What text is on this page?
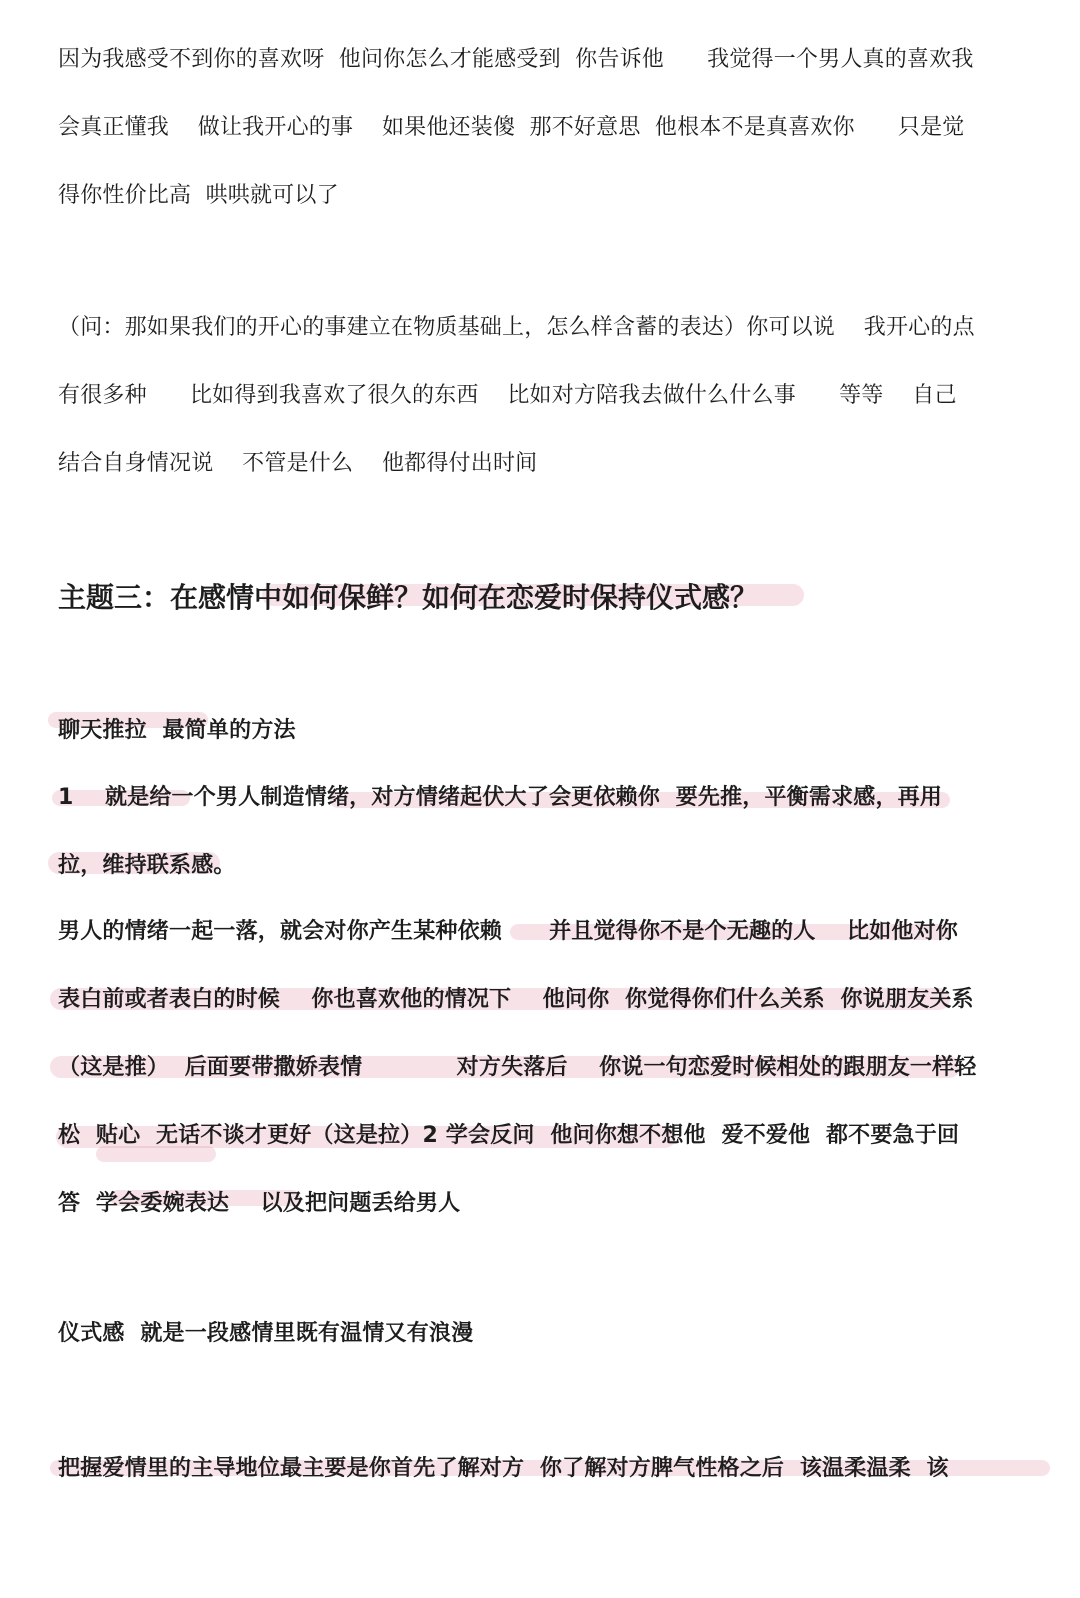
因为我感受不到你的喜欢呀  他问你怎么才能感受到  你告诉他      我觉得一个男人真的喜欢我    会真正懂我    做让我开心的事    如果他还装傻  那不好意思  他根本不是真喜欢你      只是觉得你性价比高  哄哄就可以了

（问：那如果我们的开心的事建立在物质基础上，怎么样含蓄的表达）你可以说    我开心的点有很多种      比如得到我喜欢了很久的东西    比如对方陪我去做什么什么事      等等    自己结合自身情况说    不管是什么    他都得付出时间

主题三：在感情中如何保鲜？如何在恋爱时保持仪式感？

聊天推拉  最简单的方法

1    就是给一个男人制造情绪，对方情绪起伏大了会更依赖你  要先推，平衡需求感，再用拉，维持联系感。

男人的情绪一起一落，就会对你产生某种依赖      并且觉得你不是个无趣的人    比如他对你表白前或者表白的时候    你也喜欢他的情况下    他问你  你觉得你们什么关系  你说朋友关系（这是推）  后面要带撒娇表情            对方失落后    你说一句恋爱时候相处的跟朋友一样轻松  贴心  无话不谈才更好（这是拉）2 学会反问  他问你想不想他  爱不爱他  都不要急于回答  学会委婉表达    以及把问题丢给男人

仪式感  就是一段感情里既有温情又有浪漫

把握爱情里的主导地位最主要是你首先了解对方  你了解对方脾气性格之后  该温柔温柔  该
